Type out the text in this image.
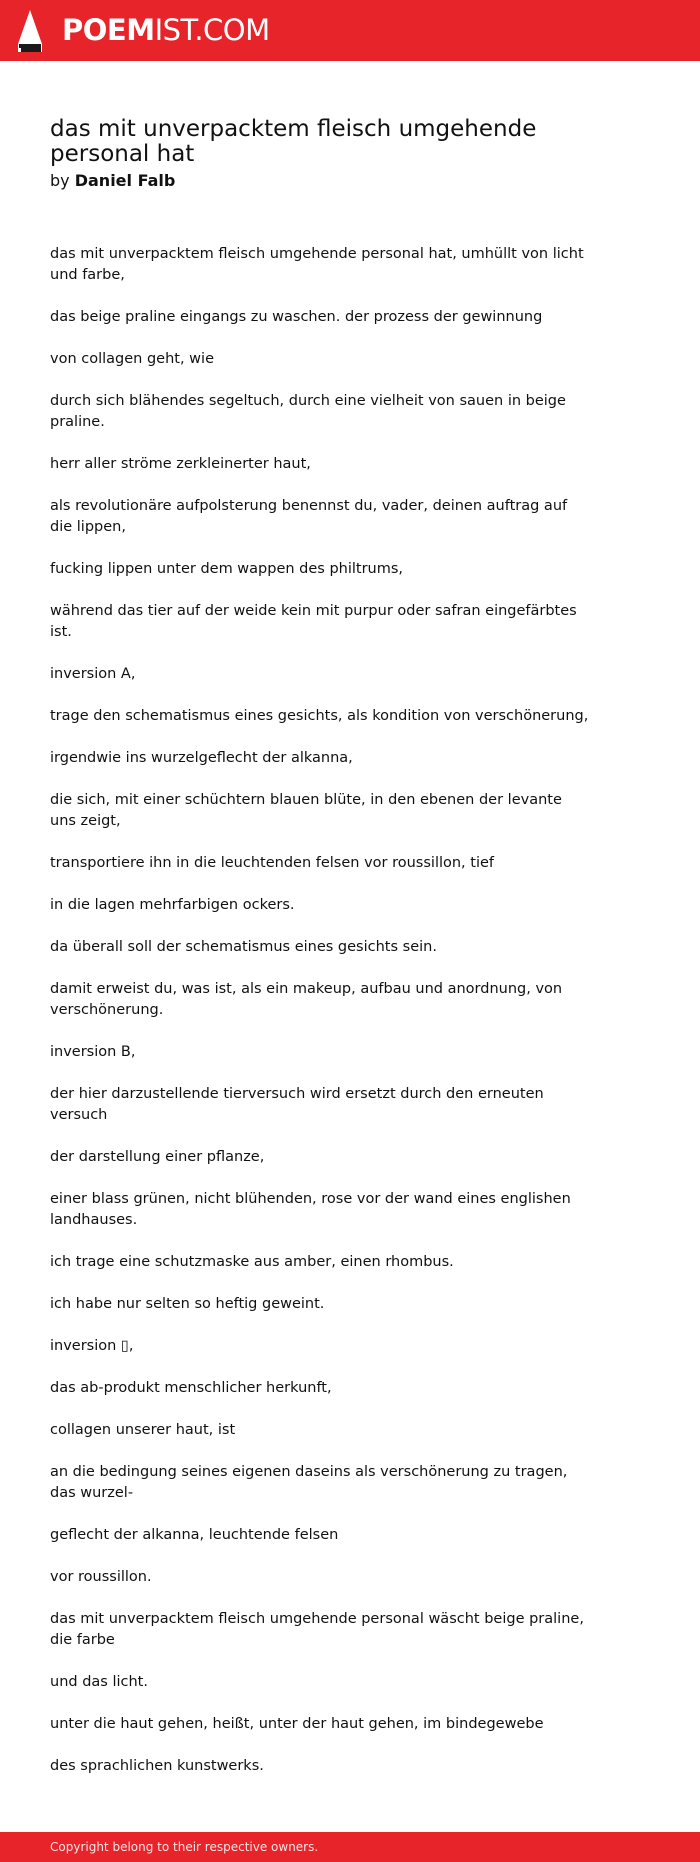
POEMIST.COM
das mit unverpacktem fleisch umgehende personal hat
by Daniel Falb

das mit unverpacktem fleisch umgehende personal hat, umhüllt von licht und farbe,

das beige praline eingangs zu waschen. der prozess der gewinnung

von collagen geht, wie

durch sich blähendes segeltuch, durch eine vielheit von sauen in beige praline.

herr aller ströme zerkleinerter haut,

als revolutionäre aufpolsterung benennst du, vader, deinen auftrag auf die lippen,

fucking lippen unter dem wappen des philtrums,

während das tier auf der weide kein mit purpur oder safran eingefärbtes ist.

inversion A,

trage den schematismus eines gesichts, als kondition von verschönerung,

irgendwie ins wurzelgeflecht der alkanna,

die sich, mit einer schüchtern blauen blüte, in den ebenen der levante uns zeigt,

transportiere ihn in die leuchtenden felsen vor roussillon, tief

in die lagen mehrfarbigen ockers.

da überall soll der schematismus eines gesichts sein.

damit erweist du, was ist, als ein makeup, aufbau und anordnung, von verschönerung.

inversion B,

der hier darzustellende tierversuch wird ersetzt durch den erneuten versuch

der darstellung einer pflanze,

einer blass grünen, nicht blühenden, rose vor der wand eines englishen landhauses.

ich trage eine schutzmaske aus amber, einen rhombus.

ich habe nur selten so heftig geweint.

inversion ▯,

das ab-produkt menschlicher herkunft,

collagen unserer haut, ist

an die bedingung seines eigenen daseins als verschönerung zu tragen, das wurzel-

geflecht der alkanna, leuchtende felsen

vor roussillon.

das mit unverpacktem fleisch umgehende personal wäscht beige praline, die farbe

und das licht.

unter die haut gehen, heißt, unter der haut gehen, im bindegewebe

des sprachlichen kunstwerks.

Copyright belong to their respective owners.
